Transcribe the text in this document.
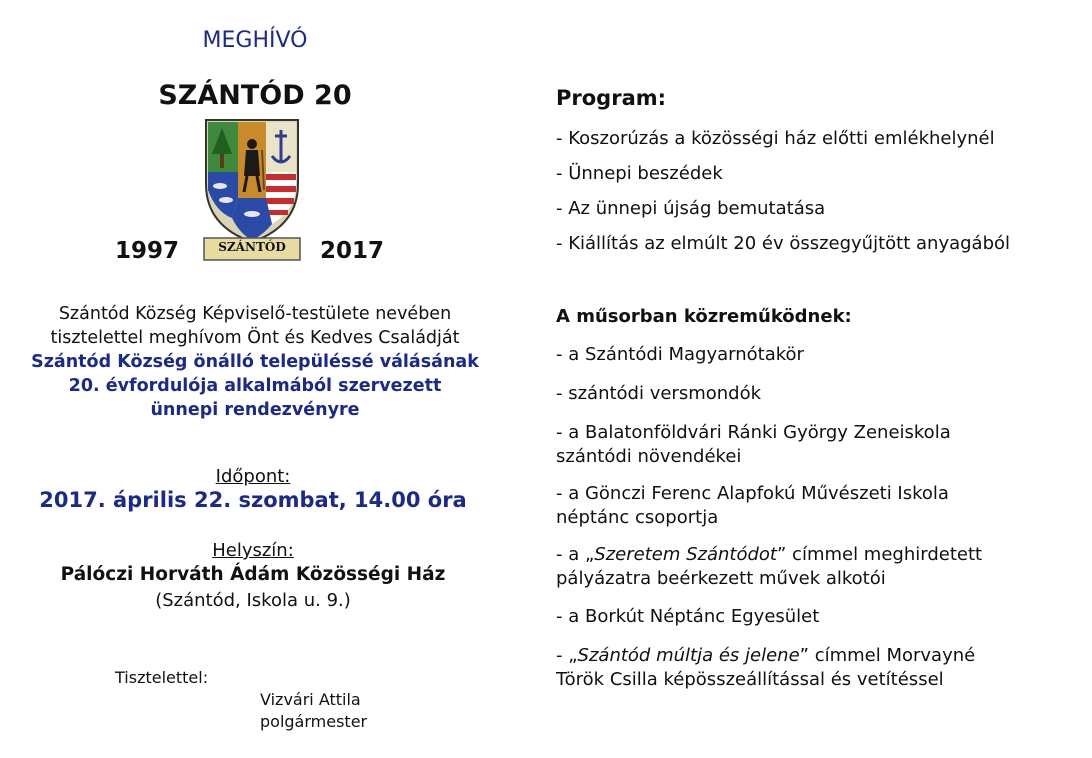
MEGHÍVÓ
SZÁNTÓD 20
SZÁNTÓD
1997	2017
Szántód Község Képviselő-testülete nevében
tisztelettel meghívom Önt és Kedves Családját
Szántód Község önálló településsé válásának
20. évfordulója alkalmából szervezett
ünnepi rendezvényre
Időpont:
2017. április 22. szombat, 14.00 óra
Helyszín:
Pálóczi Horváth Ádám Közösségi Ház
(Szántód, Iskola u. 9.)
Tisztelettel:
Vizvári Attila
polgármester
Program:
- Koszorúzás a közösségi ház előtti emlékhelynél
- Ünnepi beszédek
- Az ünnepi újság bemutatása
- Kiállítás az elmúlt 20 év összegyűjtött anyagából
A műsorban közreműködnek:
- a Szántódi Magyarnótakör
- szántódi versmondók
- a Balatonföldvári Ránki György Zeneiskola
szántódi növendékei
- a Gönczi Ferenc Alapfokú Művészeti Iskola
néptánc csoportja
- a „Szeretem Szántódot” címmel meghirdetett
pályázatra beérkezett művek alkotói
- a Borkút Néptánc Egyesület
- „Szántód múltja és jelene” címmel Morvayné
Török Csilla képösszeállítással és vetítéssel
